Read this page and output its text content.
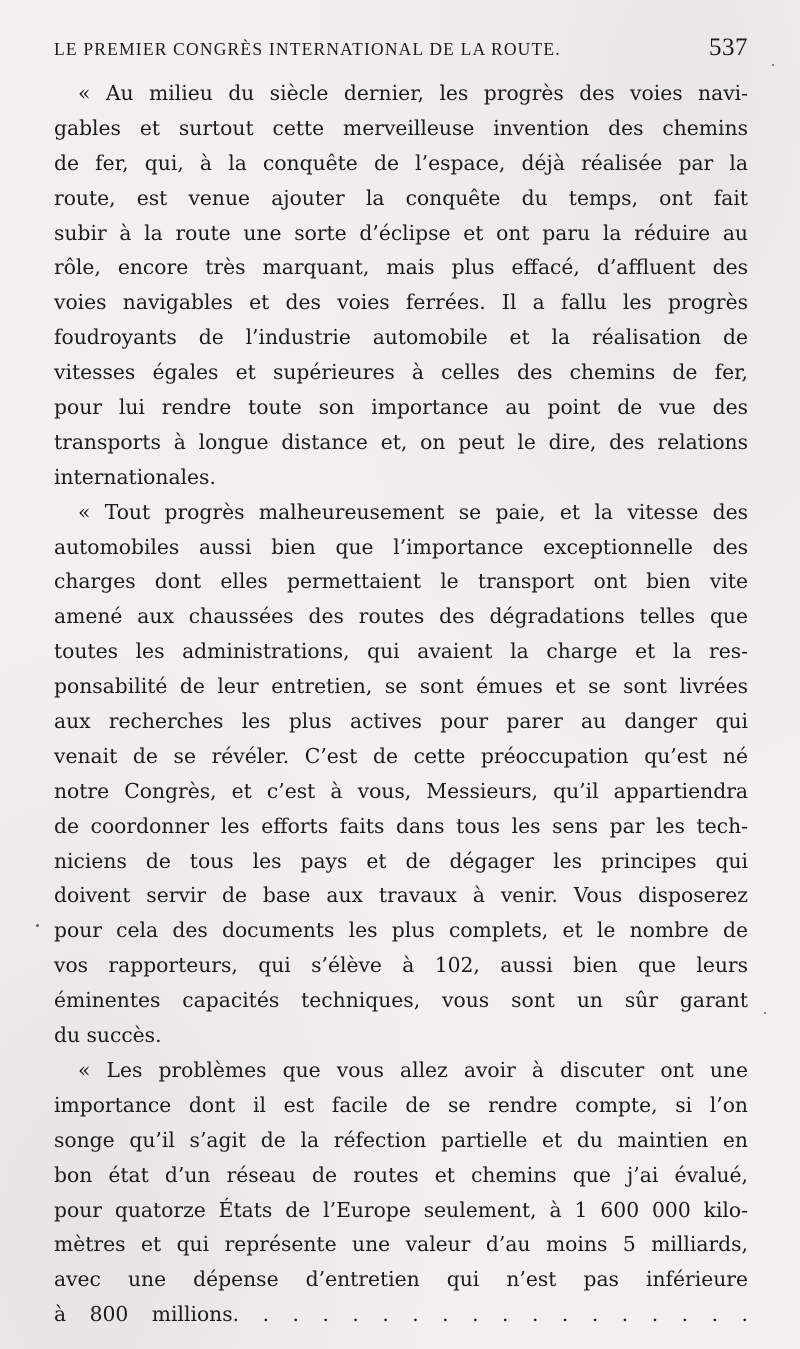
LE PREMIER CONGRÈS INTERNATIONAL DE LA ROUTE.	537

« Au milieu du siècle dernier, les progrès des voies navi-
gables et surtout cette merveilleuse invention des chemins
de fer, qui, à la conquête de l’espace, déjà réalisée par la
route, est venue ajouter la conquête du temps, ont fait
subir à la route une sorte d’éclipse et ont paru la réduire au
rôle, encore très marquant, mais plus effacé, d’affluent des
voies navigables et des voies ferrées. Il a fallu les progrès
foudroyants de l’industrie automobile et la réalisation de
vitesses égales et supérieures à celles des chemins de fer,
pour lui rendre toute son importance au point de vue des
transports à longue distance et, on peut le dire, des relations
internationales.

« Tout progrès malheureusement se paie, et la vitesse des
automobiles aussi bien que l’importance exceptionnelle des
charges dont elles permettaient le transport ont bien vite
amené aux chaussées des routes des dégradations telles que
toutes les administrations, qui avaient la charge et la res-
ponsabilité de leur entretien, se sont émues et se sont livrées
aux recherches les plus actives pour parer au danger qui
venait de se révéler. C’est de cette préoccupation qu’est né
notre Congrès, et c’est à vous, Messieurs, qu’il appartiendra
de coordonner les efforts faits dans tous les sens par les tech-
niciens de tous les pays et de dégager les principes qui
doivent servir de base aux travaux à venir. Vous disposerez
pour cela des documents les plus complets, et le nombre de
vos rapporteurs, qui s’élève à 102, aussi bien que leurs
éminentes capacités techniques, vous sont un sûr garant
du succès.

« Les problèmes que vous allez avoir à discuter ont une
importance dont il est facile de se rendre compte, si l’on
songe qu’il s’agit de la réfection partielle et du maintien en
bon état d’un réseau de routes et chemins que j’ai évalué,
pour quatorze États de l’Europe seulement, à 1 600 000 kilo-
mètres et qui représente une valeur d’au moins 5 milliards,
avec une dépense d’entretien qui n’est pas inférieure
à 800 millions. . . . . . . . . . . . . . . . . .
